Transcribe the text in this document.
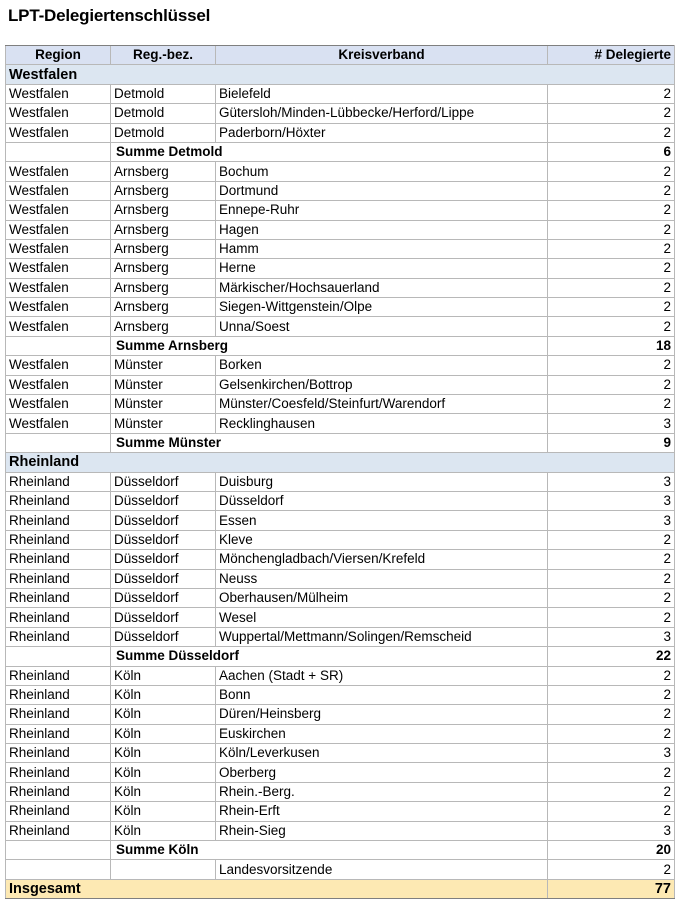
LPT-Delegiertenschlüssel
Region	Reg.-bez.	Kreisverband	# Delegierte
Westfalen			
Westfalen	Detmold	Bielefeld	2
Westfalen	Detmold	Gütersloh/Minden-Lübbecke/Herford/Lippe	2
Westfalen	Detmold	Paderborn/Höxter	2
	Summe Detmold		6
Westfalen	Arnsberg	Bochum	2
Westfalen	Arnsberg	Dortmund	2
Westfalen	Arnsberg	Ennepe-Ruhr	2
Westfalen	Arnsberg	Hagen	2
Westfalen	Arnsberg	Hamm	2
Westfalen	Arnsberg	Herne	2
Westfalen	Arnsberg	Märkischer/Hochsauerland	2
Westfalen	Arnsberg	Siegen-Wittgenstein/Olpe	2
Westfalen	Arnsberg	Unna/Soest	2
	Summe Arnsberg		18
Westfalen	Münster	Borken	2
Westfalen	Münster	Gelsenkirchen/Bottrop	2
Westfalen	Münster	Münster/Coesfeld/Steinfurt/Warendorf	2
Westfalen	Münster	Recklinghausen	3
	Summe Münster		9
Rheinland			
Rheinland	Düsseldorf	Duisburg	3
Rheinland	Düsseldorf	Düsseldorf	3
Rheinland	Düsseldorf	Essen	3
Rheinland	Düsseldorf	Kleve	2
Rheinland	Düsseldorf	Mönchengladbach/Viersen/Krefeld	2
Rheinland	Düsseldorf	Neuss	2
Rheinland	Düsseldorf	Oberhausen/Mülheim	2
Rheinland	Düsseldorf	Wesel	2
Rheinland	Düsseldorf	Wuppertal/Mettmann/Solingen/Remscheid	3
	Summe Düsseldorf		22
Rheinland	Köln	Aachen (Stadt + SR)	2
Rheinland	Köln	Bonn	2
Rheinland	Köln	Düren/Heinsberg	2
Rheinland	Köln	Euskirchen	2
Rheinland	Köln	Köln/Leverkusen	3
Rheinland	Köln	Oberberg	2
Rheinland	Köln	Rhein.-Berg.	2
Rheinland	Köln	Rhein-Erft	2
Rheinland	Köln	Rhein-Sieg	3
	Summe Köln		20
		Landesvorsitzende	2
Insgesamt			77
